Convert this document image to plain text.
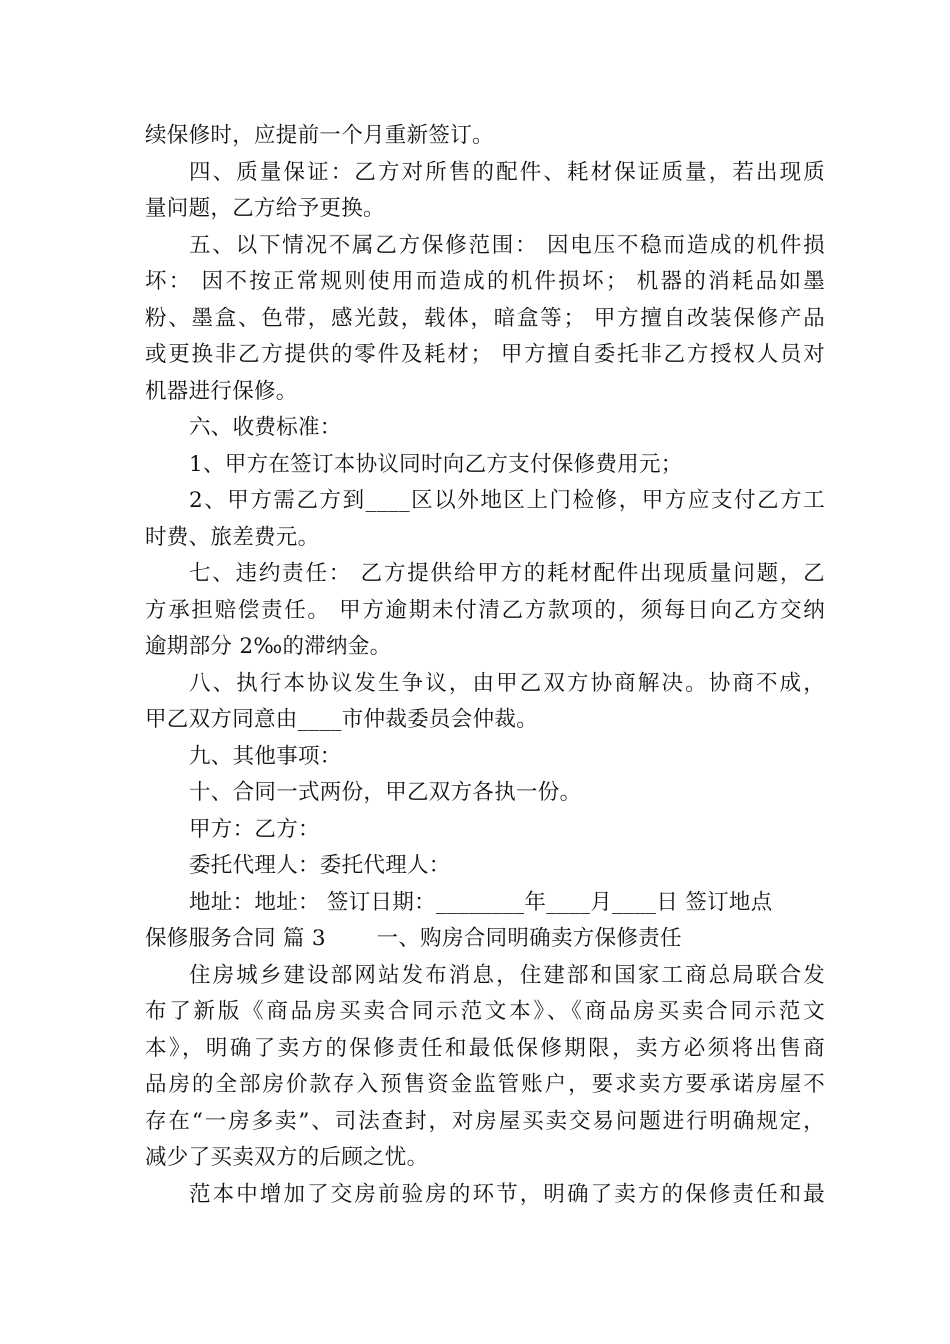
续保修时，应提前一个月重新签订。
四、质量保证：乙方对所售的配件、耗材保证质量，若出现质
量问题，乙方给予更换。
五、以下情况不属乙方保修范围： 因电压不稳而造成的机件损
坏： 因不按正常规则使用而造成的机件损坏； 机器的消耗品如墨
粉、墨盒、色带，感光鼓，载体，暗盒等； 甲方擅自改装保修产品
或更换非乙方提供的零件及耗材； 甲方擅自委托非乙方授权人员对
机器进行保修。
六、收费标准：
1、甲方在签订本协议同时向乙方支付保修费用元；
2、甲方需乙方到____区以外地区上门检修，甲方应支付乙方工
时费、旅差费元。
七、违约责任： 乙方提供给甲方的耗材配件出现质量问题，乙
方承担赔偿责任。 甲方逾期未付清乙方款项的，须每日向乙方交纳
逾期部分 2‰的滞纳金。
八、执行本协议发生争议，由甲乙双方协商解决。协商不成，
甲乙双方同意由____市仲裁委员会仲裁。
九、其他事项：
十、合同一式两份，甲乙双方各执一份。
甲方：乙方：
委托代理人：委托代理人：
地址：地址： 签订日期：________年____月____日 签订地点
保修服务合同 篇 3 　　一、购房合同明确卖方保修责任
住房城乡建设部网站发布消息，住建部和国家工商总局联合发
布了新版《商品房买卖合同示范文本》、《商品房买卖合同示范文
本》，明确了卖方的保修责任和最低保修期限，卖方必须将出售商
品房的全部房价款存入预售资金监管账户，要求卖方要承诺房屋不
存在“一房多卖”、司法查封，对房屋买卖交易问题进行明确规定，
减少了买卖双方的后顾之忧。
范本中增加了交房前验房的环节，明确了卖方的保修责任和最
